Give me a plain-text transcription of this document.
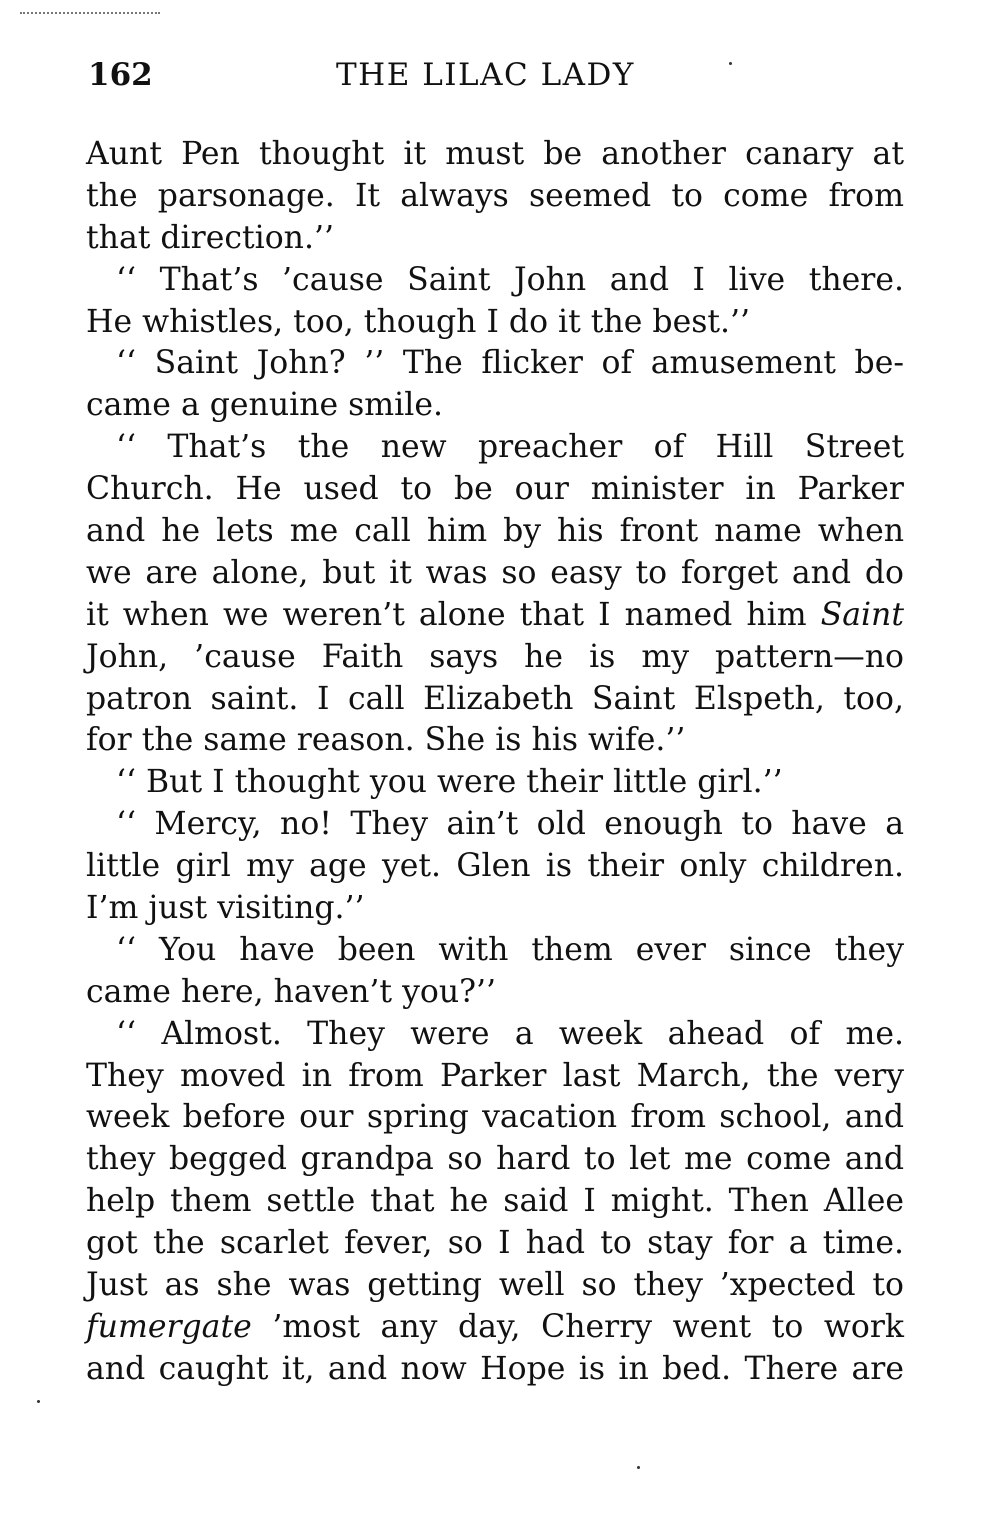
162	THE LILAC LADY
Aunt Pen thought it must be another canary at
the parsonage. It always seemed to come from
that direction.’’
‘‘ That’s ’cause Saint John and I live there.
He whistles, too, though I do it the best.’’
‘‘ Saint John? ’’ The flicker of amusement be-
came a genuine smile.
‘‘ That’s the new preacher of Hill Street
Church. He used to be our minister in Parker
and he lets me call him by his front name when
we are alone, but it was so easy to forget and do
it when we weren’t alone that I named him Saint
John, ’cause Faith says he is my pattern—no
patron saint. I call Elizabeth Saint Elspeth, too,
for the same reason. She is his wife.’’
‘‘ But I thought you were their little girl.’’
‘‘ Mercy, no! They ain’t old enough to have a
little girl my age yet. Glen is their only children.
I’m just visiting.’’
‘‘ You have been with them ever since they
came here, haven’t you?’’
‘‘ Almost. They were a week ahead of me.
They moved in from Parker last March, the very
week before our spring vacation from school, and
they begged grandpa so hard to let me come and
help them settle that he said I might. Then Allee
got the scarlet fever, so I had to stay for a time.
Just as she was getting well so they ’xpected to
fumergate ’most any day, Cherry went to work
and caught it, and now Hope is in bed. There are
